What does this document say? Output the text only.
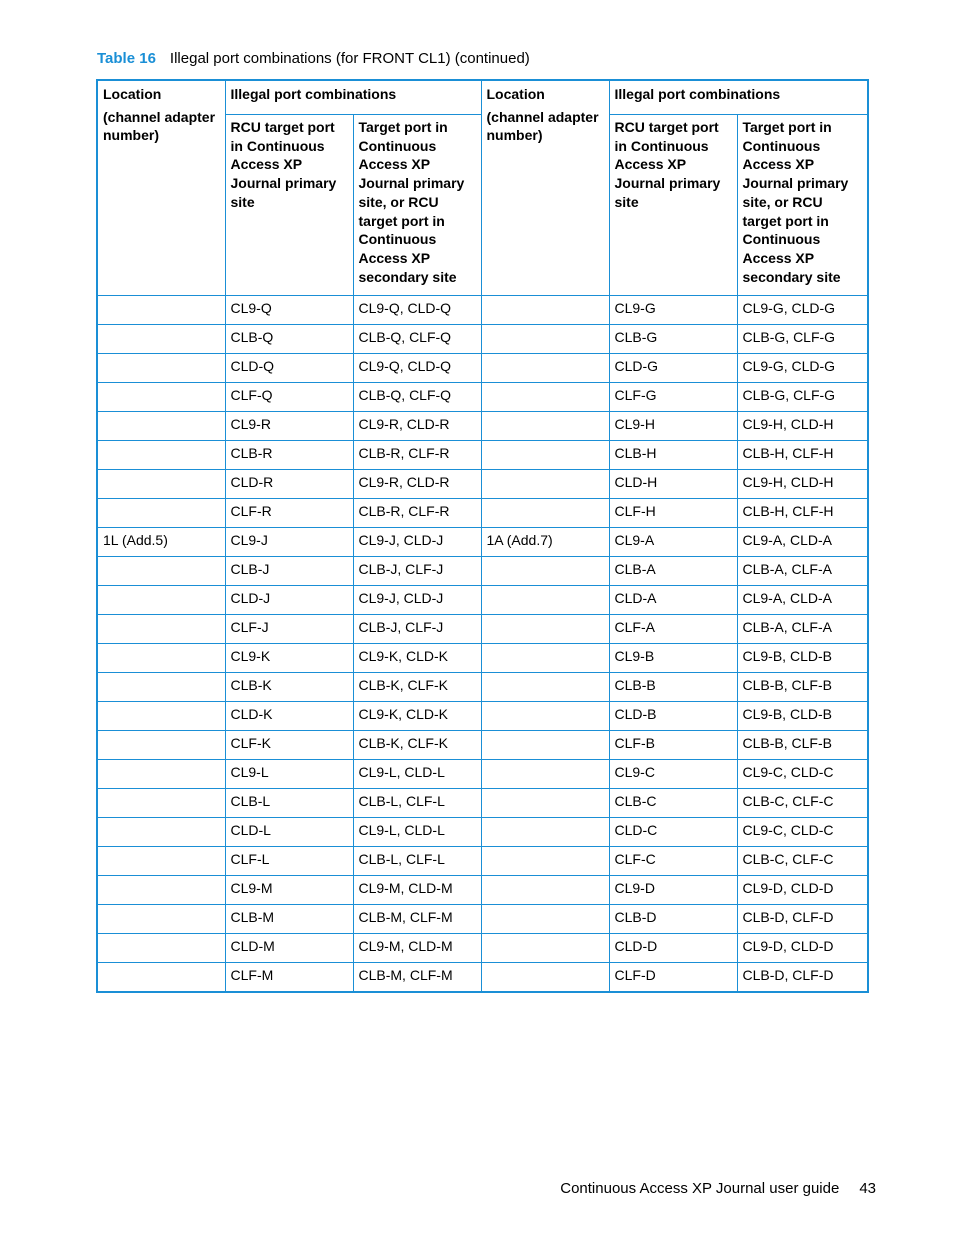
Table 16 Illegal port combinations (for FRONT CL1) (continued)
Location
(channel adapter number)	Illegal port combinations		Location
(channel adapter number)	Illegal port combinations	
	RCU target port in Continuous Access XP Journal primary site	Target port in Continuous Access XP Journal primary site, or RCU target port in Continuous Access XP secondary site		RCU target port in Continuous Access XP Journal primary site	Target port in Continuous Access XP Journal primary site, or RCU target port in Continuous Access XP secondary site
	CL9-Q	CL9-Q, CLD-Q		CL9-G	CL9-G, CLD-G
	CLB-Q	CLB-Q, CLF-Q		CLB-G	CLB-G, CLF-G
	CLD-Q	CL9-Q, CLD-Q		CLD-G	CL9-G, CLD-G
	CLF-Q	CLB-Q, CLF-Q		CLF-G	CLB-G, CLF-G
	CL9-R	CL9-R, CLD-R		CL9-H	CL9-H, CLD-H
	CLB-R	CLB-R, CLF-R		CLB-H	CLB-H, CLF-H
	CLD-R	CL9-R, CLD-R		CLD-H	CL9-H, CLD-H
	CLF-R	CLB-R, CLF-R		CLF-H	CLB-H, CLF-H
1L (Add.5)	CL9-J	CL9-J, CLD-J	1A (Add.7)	CL9-A	CL9-A, CLD-A
	CLB-J	CLB-J, CLF-J		CLB-A	CLB-A, CLF-A
	CLD-J	CL9-J, CLD-J		CLD-A	CL9-A, CLD-A
	CLF-J	CLB-J, CLF-J		CLF-A	CLB-A, CLF-A
	CL9-K	CL9-K, CLD-K		CL9-B	CL9-B, CLD-B
	CLB-K	CLB-K, CLF-K		CLB-B	CLB-B, CLF-B
	CLD-K	CL9-K, CLD-K		CLD-B	CL9-B, CLD-B
	CLF-K	CLB-K, CLF-K		CLF-B	CLB-B, CLF-B
	CL9-L	CL9-L, CLD-L		CL9-C	CL9-C, CLD-C
	CLB-L	CLB-L, CLF-L		CLB-C	CLB-C, CLF-C
	CLD-L	CL9-L, CLD-L		CLD-C	CL9-C, CLD-C
	CLF-L	CLB-L, CLF-L		CLF-C	CLB-C, CLF-C
	CL9-M	CL9-M, CLD-M		CL9-D	CL9-D, CLD-D
	CLB-M	CLB-M, CLF-M		CLB-D	CLB-D, CLF-D
	CLD-M	CL9-M, CLD-M		CLD-D	CL9-D, CLD-D
	CLF-M	CLB-M, CLF-M		CLF-D	CLB-D, CLF-D
Continuous Access XP Journal user guide 43
